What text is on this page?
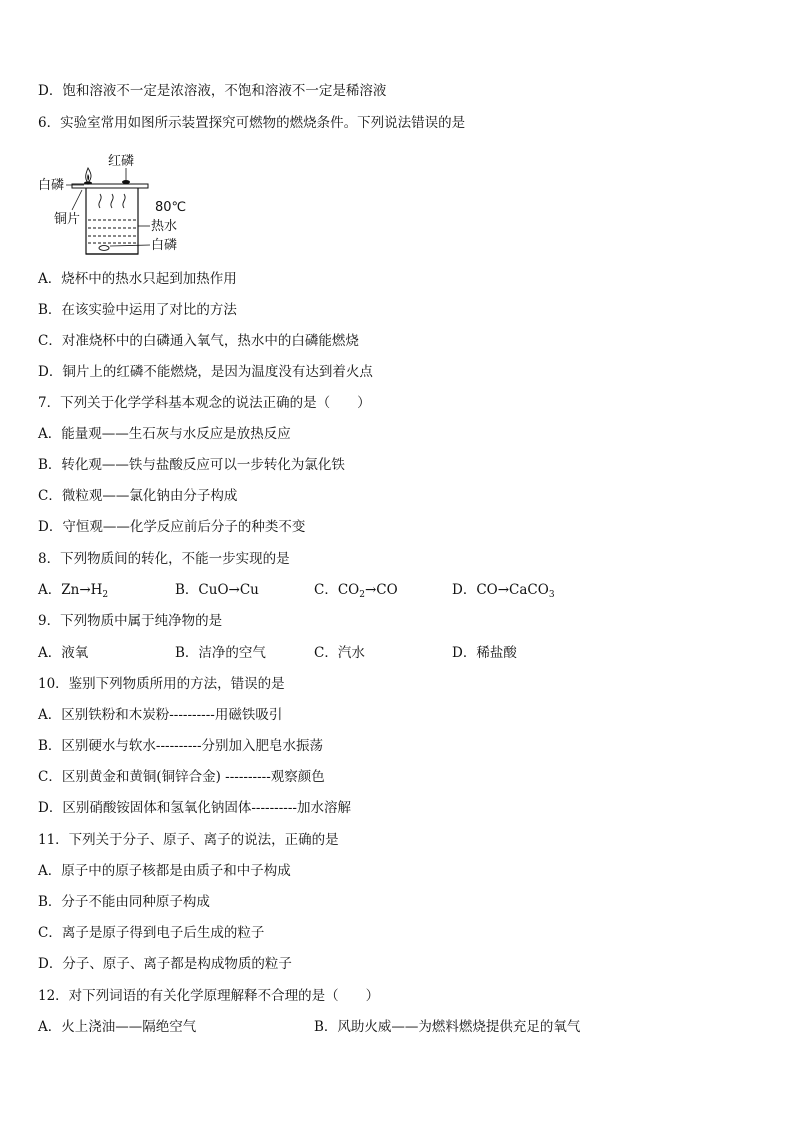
D．饱和溶液不一定是浓溶液，不饱和溶液不一定是稀溶液
6．实验室常用如图所示装置探究可燃物的燃烧条件。下列说法错误的是
红磷
白磷
铜片
80℃
热水
白磷
A．烧杯中的热水只起到加热作用
B．在该实验中运用了对比的方法
C．对准烧杯中的白磷通入氧气，热水中的白磷能燃烧
D．铜片上的红磷不能燃烧，是因为温度没有达到着火点
7．下列关于化学学科基本观念的说法正确的是（　　）
A．能量观——生石灰与水反应是放热反应
B．转化观——铁与盐酸反应可以一步转化为氯化铁
C．微粒观——氯化钠由分子构成
D．守恒观——化学反应前后分子的种类不变
8．下列物质间的转化，不能一步实现的是
A．$Zn\to H_2$	B．CuO→Cu	C．$CO_2\to CO$	D．CO→CaCO$_3$
9．下列物质中属于纯净物的是
A．液氧	B．洁净的空气	C．汽水	D．稀盐酸
10．鉴别下列物质所用的方法，错误的是
A．区别铁粉和木炭粉----------用磁铁吸引
B．区别硬水与软水----------分别加入肥皂水振荡
C．区别黄金和黄铜(铜锌合金) ----------观察颜色
D．区别硝酸铵固体和氢氧化钠固体----------加水溶解
11．下列关于分子、原子、离子的说法，正确的是
A．原子中的原子核都是由质子和中子构成
B．分子不能由同种原子构成
C．离子是原子得到电子后生成的粒子
D．分子、原子、离子都是构成物质的粒子
12．对下列词语的有关化学原理解释不合理的是（　　）
A．火上浇油——隔绝空气	B．风助火威——为燃料燃烧提供充足的氧气
